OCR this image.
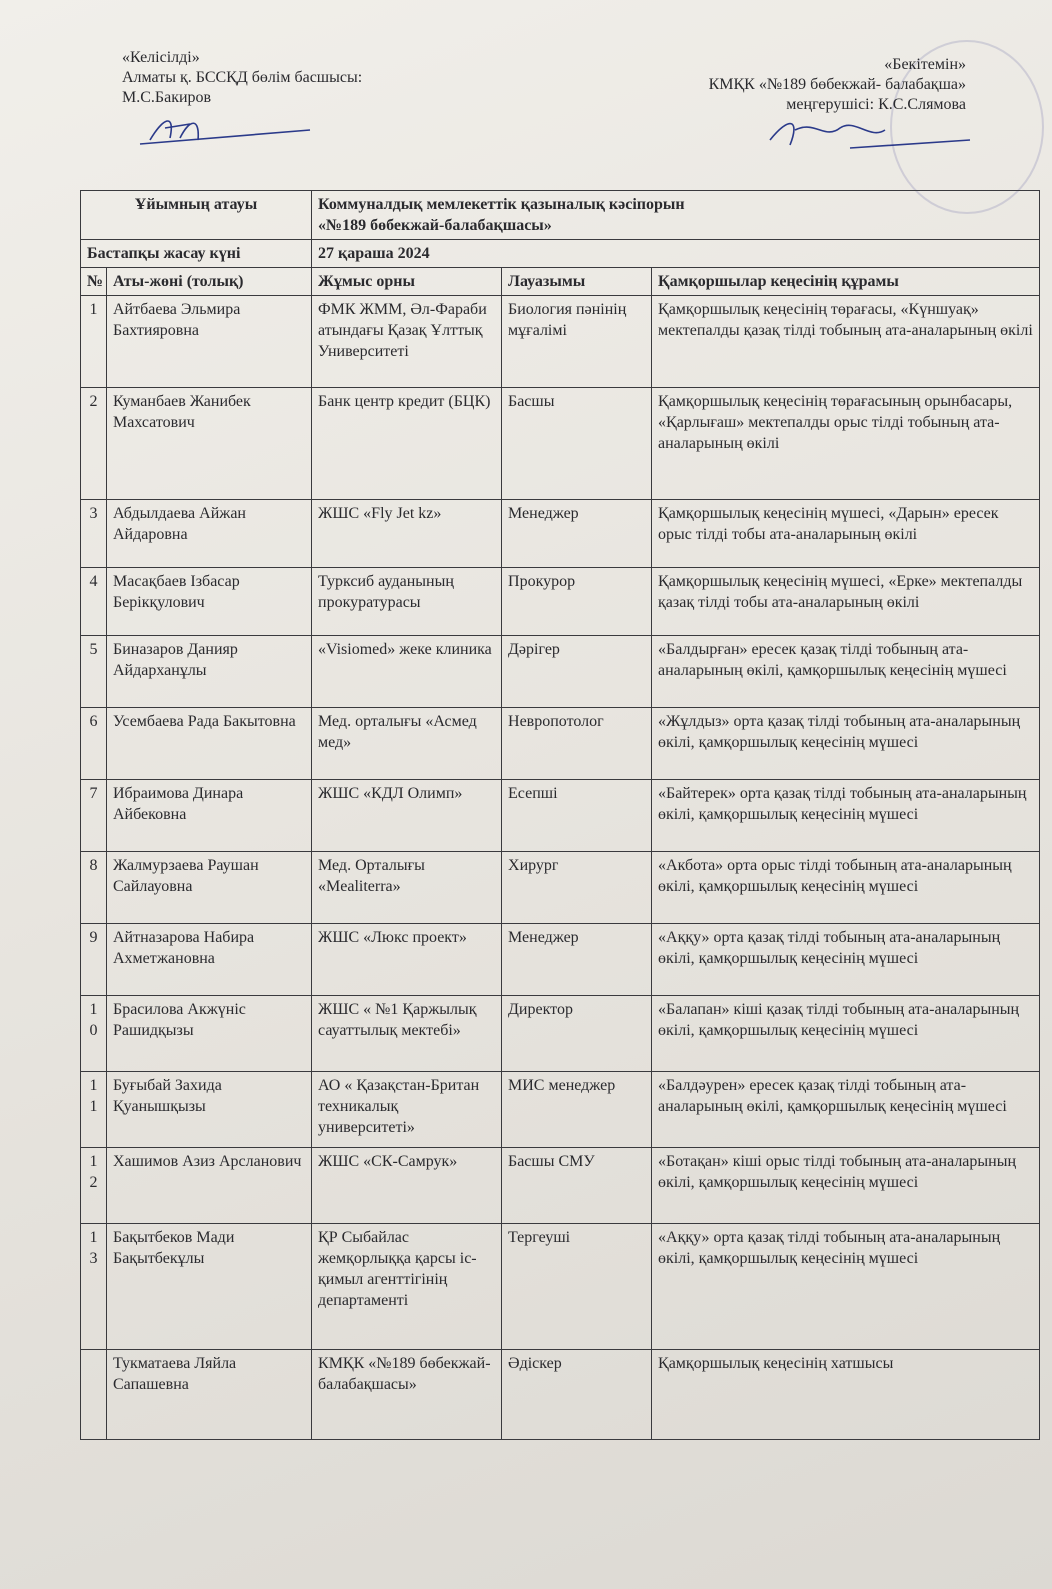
«Келісілді»
Алматы қ. БССҚД бөлім басшысы:
М.С.Бакиров
«Бекітемін»
КМҚК «№189 бөбекжай- балабақша»
меңгерушісі: К.С.Слямова
Ұйымның атауы		Коммуналдық мемлекеттік қазыналық кәсіпорын
«№189 бөбекжай-балабақшасы»		
Бастапқы жасау күні		27 қараша 2024		
№	Аты-жөні (толық)	Жұмыс орны	Лауазымы	Қамқоршылар кеңесінің құрамы
1	Айтбаева Эльмира Бахтияровна	ФМК ЖММ, Әл-Фараби атындағы Қазақ Ұлттық Университеті	Биология пәнінің мұғалімі	Қамқоршылық кеңесінің төрағасы, «Күншуақ» мектепалды қазақ тілді тобының ата-аналарының өкілі
2	Куманбаев Жанибек Махсатович	Банк центр кредит (БЦК)	Басшы	Қамқоршылық кеңесінің төрағасының орынбасары, «Қарлығаш» мектепалды орыс тілді тобының ата-аналарының өкілі
3	Абдылдаева Айжан Айдаровна	ЖШС «Fly Jet kz»	Менеджер	Қамқоршылық кеңесінің мүшесі, «Дарын» ересек орыс тілді тобы ата-аналарының өкілі
4	Масақбаев Ізбасар Берікқулович	Турксиб ауданының прокуратурасы	Прокурор	Қамқоршылық кеңесінің мүшесі, «Ерке» мектепалды қазақ тілді тобы ата-аналарының өкілі
5	Биназаров Данияр Айдарханұлы	«Visiomed» жеке клиника	Дәрігер	«Балдырған» ересек қазақ тілді тобының ата-аналарының өкілі, қамқоршылық кеңесінің мүшесі
6	Усембаева Рада Бакытовна	Мед. орталығы «Асмед мед»	Невропотолог	«Жұлдыз» орта қазақ тілді тобының ата-аналарының өкілі, қамқоршылық кеңесінің мүшесі
7	Ибраимова Динара Айбековна	ЖШС «КДЛ Олимп»	Есепші	«Байтерек» орта қазақ тілді тобының ата-аналарының өкілі, қамқоршылық кеңесінің мүшесі
8	Жалмурзаева Раушан Сайлауовна	Мед. Орталығы «Mealiterra»	Хирург	«Акбота» орта орыс тілді тобының ата-аналарының өкілі, қамқоршылық кеңесінің мүшесі
9	Айтназарова Набира Ахметжановна	ЖШС «Люкс проект»	Менеджер	«Аққу» орта қазақ тілді тобының ата-аналарының өкілі, қамқоршылық кеңесінің мүшесі
10	Брасилова Акжүніс Рашидқызы	ЖШС « №1 Қаржылық сауаттылық мектебі»	Директор	«Балапан» кіші қазақ тілді тобының ата-аналарының өкілі, қамқоршылық кеңесінің мүшесі
11	Буғыбай Захида Қуанышқызы	АО « Қазақстан-Британ техникалық университеті»	МИС менеджер	«Балдәурен» ересек қазақ тілді тобының ата-аналарының өкілі, қамқоршылық кеңесінің мүшесі
12	Хашимов Азиз Арсланович	ЖШС «СК-Самрук»	Басшы СМУ	«Ботақан» кіші орыс тілді тобының ата-аналарының өкілі, қамқоршылық кеңесінің мүшесі
13	Бақытбеков Мади Бақытбекұлы	ҚР Сыбайлас жемқорлыққа қарсы іс-қимыл агенттігінің департаменті	Тергеуші	«Аққу» орта қазақ тілді тобының ата-аналарының өкілі, қамқоршылық кеңесінің мүшесі
	Тукматаева Ляйла Сапашевна	КМҚК «№189 бөбекжай-балабақшасы»	Әдіскер	Қамқоршылық кеңесінің хатшысы
